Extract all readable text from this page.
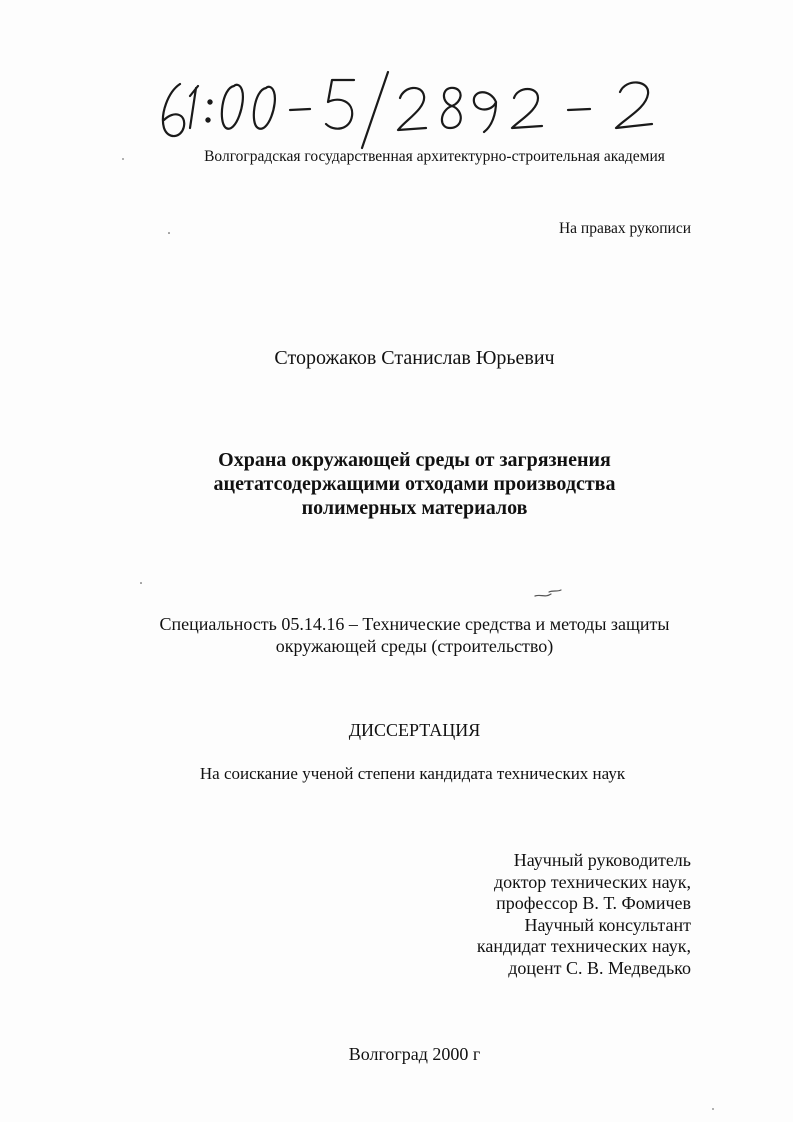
Волгоградская государственная архитектурно-строительная академия
На правах рукописи
Сторожаков Станислав Юрьевич
Охрана окружающей среды от загрязнения
ацетатсодержащими отходами производства
полимерных материалов
Специальность 05.14.16 – Технические средства и методы защиты
окружающей среды (строительство)
ДИССЕРТАЦИЯ
На соискание ученой степени кандидата технических наук
Научный руководитель
доктор технических наук,
профессор В. Т. Фомичев
Научный консультант
кандидат технических наук,
доцент С. В. Медведько
Волгоград 2000 г
